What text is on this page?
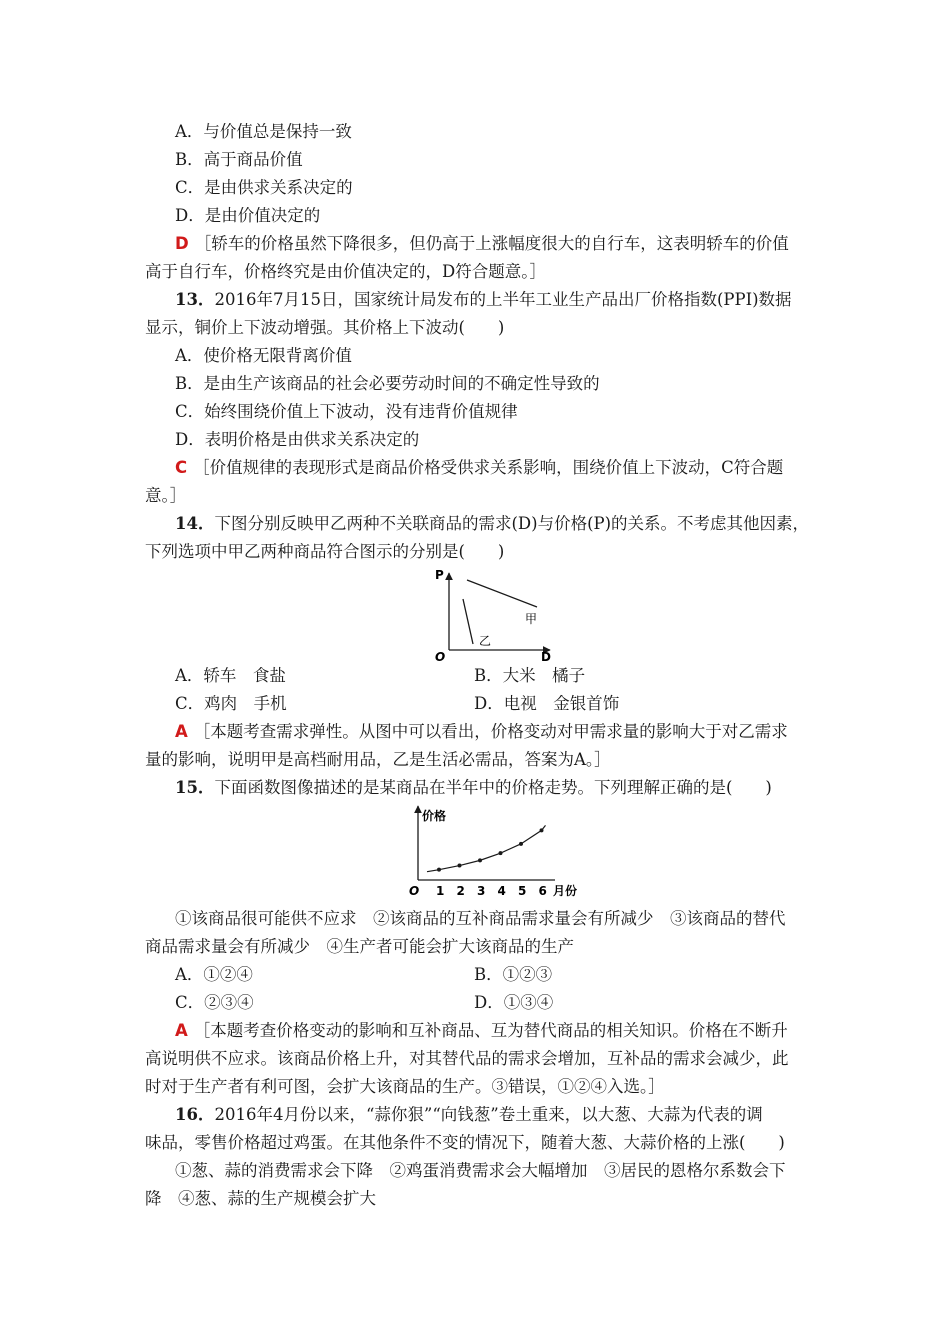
A．与价值总是保持一致
B．高于商品价值
C．是由供求关系决定的
D．是由价值决定的
D ［轿车的价格虽然下降很多，但仍高于上涨幅度很大的自行车，这表明轿车的价值
高于自行车，价格终究是由价值决定的，D符合题意。］
13．2016年7月15日，国家统计局发布的上半年工业生产品出厂价格指数(PPI)数据
显示，铜价上下波动增强。其价格上下波动(　　)
A．使价格无限背离价值
B．是由生产该商品的社会必要劳动时间的不确定性导致的
C．始终围绕价值上下波动，没有违背价值规律
D．表明价格是由供求关系决定的
C ［价值规律的表现形式是商品价格受供求关系影响，围绕价值上下波动，C符合题
意。］
14．下图分别反映甲乙两种不关联商品的需求(D)与价格(P)的关系。不考虑其他因素，
下列选项中甲乙两种商品符合图示的分别是(　　)
P
D
O
甲
乙
A．轿车　食盐	B．大米　橘子
C．鸡肉　手机	D．电视　金银首饰
A ［本题考查需求弹性。从图中可以看出，价格变动对甲需求量的影响大于对乙需求
量的影响，说明甲是高档耐用品，乙是生活必需品，答案为A。］
15．下面函数图像描述的是某商品在半年中的价格走势。下列理解正确的是(　　)
价格
O	月份
1 2 3 4 5 6
①该商品很可能供不应求　②该商品的互补商品需求量会有所减少　③该商品的替代
商品需求量会有所减少　④生产者可能会扩大该商品的生产
A．①②④	B．①②③
C．②③④	D．①③④
A ［本题考查价格变动的影响和互补商品、互为替代商品的相关知识。价格在不断升
高说明供不应求。该商品价格上升，对其替代品的需求会增加，互补品的需求会减少，此
时对于生产者有利可图，会扩大该商品的生产。③错误，①②④入选。］
16．2016年4月份以来，“蒜你狠”“向钱葱”卷土重来，以大葱、大蒜为代表的调
味品，零售价格超过鸡蛋。在其他条件不变的情况下，随着大葱、大蒜价格的上涨(　　)
①葱、蒜的消费需求会下降　②鸡蛋消费需求会大幅增加　③居民的恩格尔系数会下
降　④葱、蒜的生产规模会扩大
